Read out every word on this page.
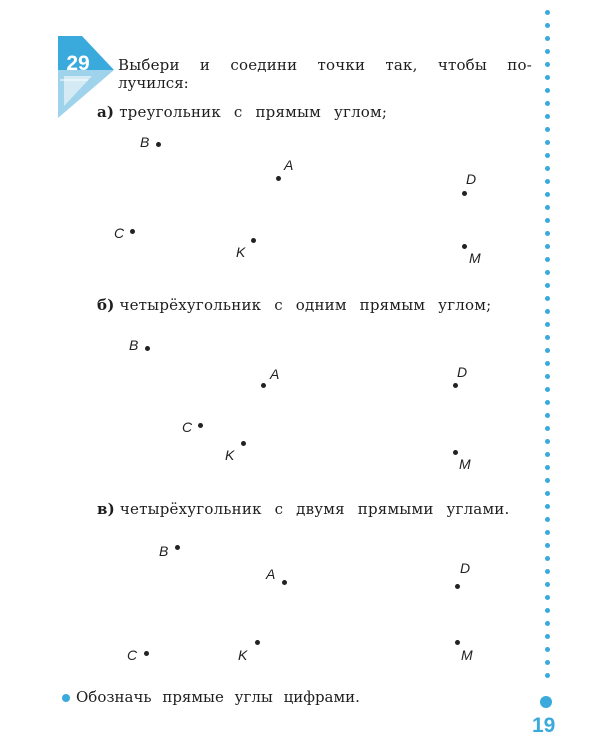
29	Выбери и соедини точки так, чтобы по-
лучился:
а) треугольник с прямым углом;
б) четырёхугольник с одним прямым углом;
в) четырёхугольник с двумя прямыми углами.
B
A
D
C
K	M
B
A	D
C
K
M
B
A	D
C	K	M
Обозначь прямые углы цифрами.
19
